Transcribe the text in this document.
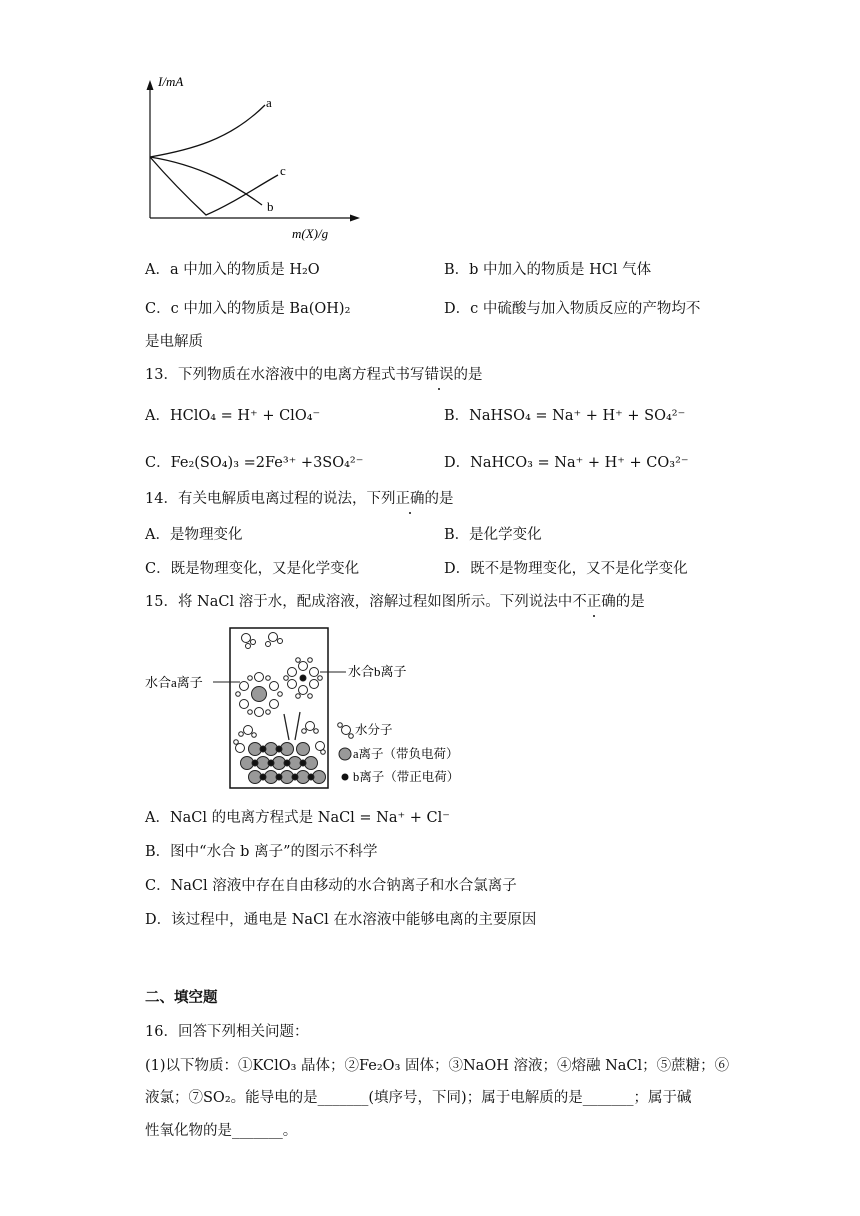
I/mA
m(X)/g
a
b
c
A．a 中加入的物质是 H₂O	B．b 中加入的物质是 HCl 气体
C．c 中加入的物质是 Ba(OH)₂	D．c 中硫酸与加入物质反应的产物均不
是电解质
13．下列物质在水溶液中的电离方程式书写错误的是
A．HClO₄ = H⁺ + ClO₄⁻	B．NaHSO₄ = Na⁺ + H⁺ + SO₄²⁻
C．Fe₂(SO₄)₃ =2Fe³⁺ +3SO₄²⁻	D．NaHCO₃ = Na⁺ + H⁺ + CO₃²⁻
14．有关电解质电离过程的说法，下列正确的是
A．是物理变化	B．是化学变化
C．既是物理变化，又是化学变化	D．既不是物理变化，又不是化学变化
15．将 NaCl 溶于水，配成溶液，溶解过程如图所示。下列说法中不正确的是
水合a离子
水合b离子
水分子
a离子（带负电荷）
b离子（带正电荷）
A．NaCl 的电离方程式是 NaCl = Na⁺ + Cl⁻
B．图中“水合 b 离子”的图示不科学
C．NaCl 溶液中存在自由移动的水合钠离子和水合氯离子
D．该过程中，通电是 NaCl 在水溶液中能够电离的主要原因
二、填空题
16．回答下列相关问题：
(1)以下物质：①KClO₃ 晶体；②Fe₂O₃ 固体；③NaOH 溶液；④熔融 NaCl；⑤蔗糖；⑥
液氯；⑦SO₂。能导电的是_______(填序号，下同)；属于电解质的是_______；属于碱
性氧化物的是_______。
